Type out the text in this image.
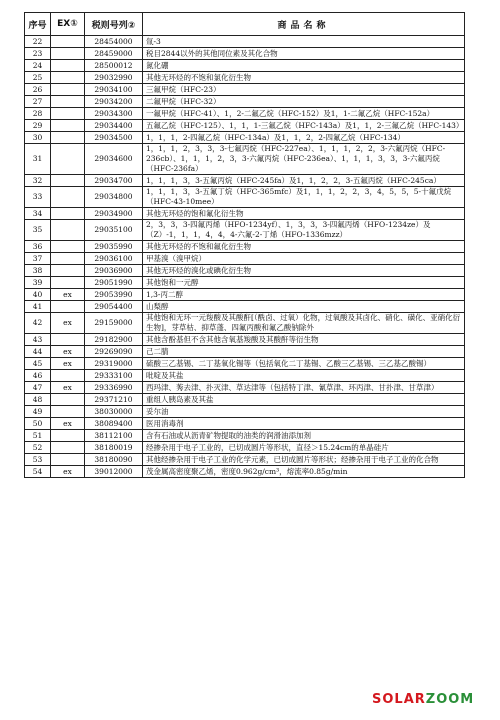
序号	EX①	税则号列②	商品名称
22		28454000	氚-3
23		28459000	税目2844以外的其他同位素及其化合物
24		28500012	氮化硼
25		29032990	其他无环烃的不饱和氯化衍生物
26		29034100	三氟甲烷（HFC-23）
27		29034200	二氟甲烷（HFC-32）
28		29034300	一氟甲烷（HFC-41）、1，2-二氟乙烷（HFC-152）及1，1-二氟乙烷（HFC-152a）
29		29034400	五氟乙烷（HFC-125）、1，1，1-三氟乙烷（HFC-143a）及1，1，2-三氟乙烷（HFC-143）
30		29034500	1，1，1，2-四氟乙烷（HFC-134a）及1，1，2，2-四氟乙烷（HFC-134）
31		29034600	1，1，1，2，3，3，3-七氟丙烷（HFC-227ea）、1，1，1，2，2，3-六氟丙烷（HFC-236cb）、1，1，1，2，3，3-六氟丙烷（HFC-236ea）、1，1，1，3，3，3-六氟丙烷（HFC-236fa）
32		29034700	1，1，1，3，3-五氟丙烷（HFC-245fa）及1，1，2，2，3-五氟丙烷（HFC-245ca）
33		29034800	1，1，1，3，3-五氟丁烷（HFC-365mfc）及1，1，1，2，2，3，4，5，5，5-十氟戊烷（HFC-43-10mee）
34		29034900	其他无环烃的饱和氟化衍生物
35		29035100	2，3，3，3-四氟丙烯（HFO-1234yf）、1，3，3，3-四氟丙烯（HFO-1234ze）及（Z）-1，1，1，4，4，4-六氟-2-丁烯（HFO-1336mzz）
36		29035990	其他无环烃的不饱和氟化衍生物
37		29036100	甲基溴（溴甲烷）
38		29036900	其他无环烃的溴化或碘化衍生物
39		29051990	其他饱和一元醇
40	ex	29053990	1,3-丙二醇
41		29054400	山梨醇
42	ex	29159000	其他饱和无环一元羧酸及其酸酐[（酰卤、过氧）化物，过氧酸及其卤化、硝化、磺化、亚硝化衍生物]，芽草枯、抑草蓬、四氟丙酸和氟乙酸钠除外
43		29182900	其他含酚基但不含其他含氧基羧酸及其酸酐等衍生物
44	ex	29269090	己二腈
45	ex	29319000	硫酸三乙基锡、二丁基氧化锡等（包括氧化二丁基锡、乙酸三乙基锡、三乙基乙酸锡）
46		29333100	吡啶及其盐
47	ex	29336990	西玛津、莠去津、扑灭津、草达津等（包括特丁津、氰草津、环丙津、甘扑津、甘草津）
48		29371210	重组人胰岛素及其盐
49		38030000	妥尔油
50	ex	38089400	医用消毒剂
51		38112100	含有石油或从沥青矿物提取的油类的润滑油添加剂
52		38180019	经掺杂用于电子工业的，已切成圆片等形状，直径＞15.24cm的单晶硅片
53		38180090	其他经掺杂用于电子工业的化学元素，已切成圆片等形状；经掺杂用于电子工业的化合物
54	ex	39012000	茂金属高密度聚乙烯，密度0.962g/cm³，熔流率0.85g/min
SOLARZOOM
